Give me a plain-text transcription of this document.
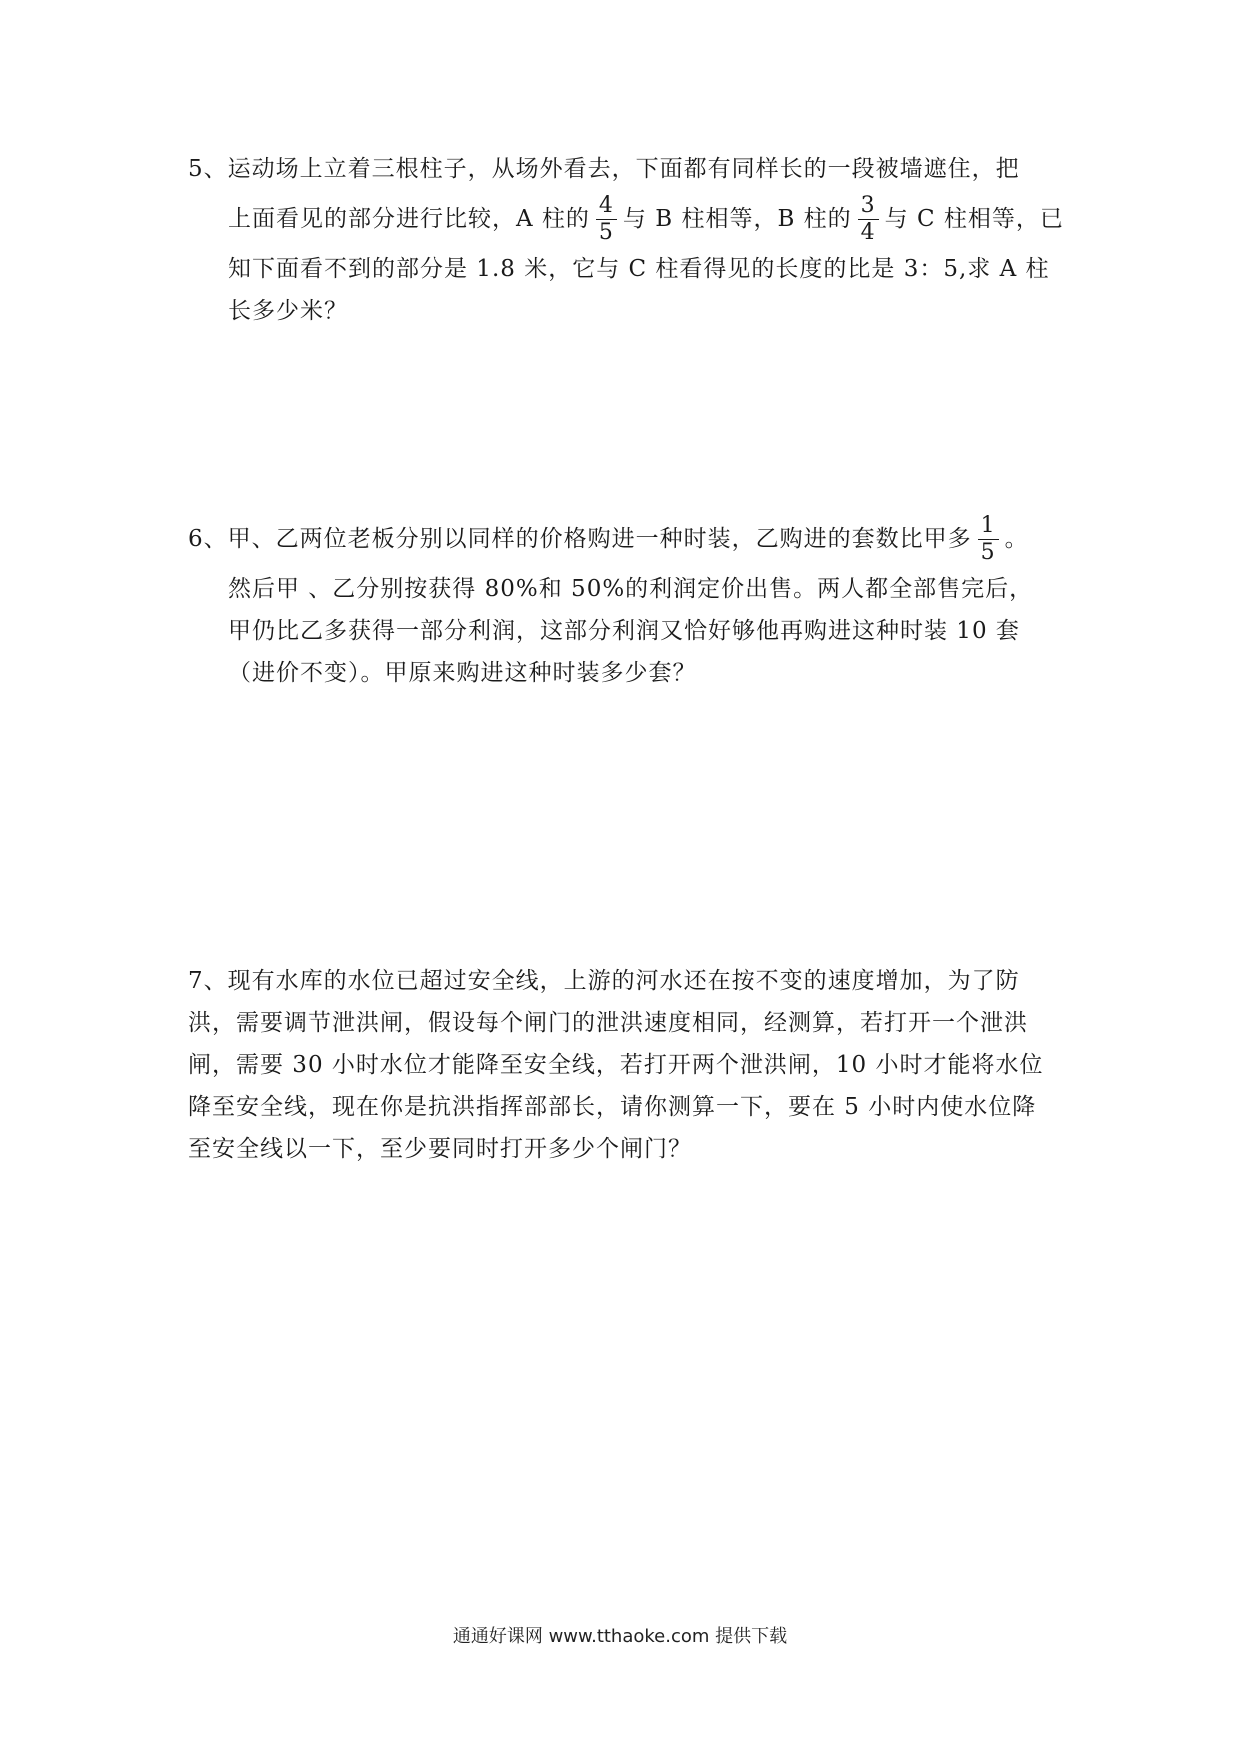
5、运动场上立着三根柱子，从场外看去，下面都有同样长的一段被墙遮住，把
上面看见的部分进行比较，A 柱的 $\frac{4}{5}$ 与 B 柱相等，B 柱的 $\frac{3}{4}$ 与 C 柱相等，已
知下面看不到的部分是 1.8 米，它与 C 柱看得见的长度的比是 3：5,求 A 柱
长多少米？
6、甲、乙两位老板分别以同样的价格购进一种时装，乙购进的套数比甲多 $\frac{1}{5}$ 。
然后甲 、乙分别按获得 80%和 50%的利润定价出售。两人都全部售完后，
甲仍比乙多获得一部分利润，这部分利润又恰好够他再购进这种时装 10 套
（进价不变）。甲原来购进这种时装多少套？
7、现有水库的水位已超过安全线，上游的河水还在按不变的速度增加，为了防
洪，需要调节泄洪闸，假设每个闸门的泄洪速度相同，经测算，若打开一个泄洪
闸，需要 30 小时水位才能降至安全线，若打开两个泄洪闸，10 小时才能将水位
降至安全线，现在你是抗洪指挥部部长，请你测算一下，要在 5 小时内使水位降
至安全线以一下，至少要同时打开多少个闸门？
通通好课网 www.tthaoke.com 提供下载
